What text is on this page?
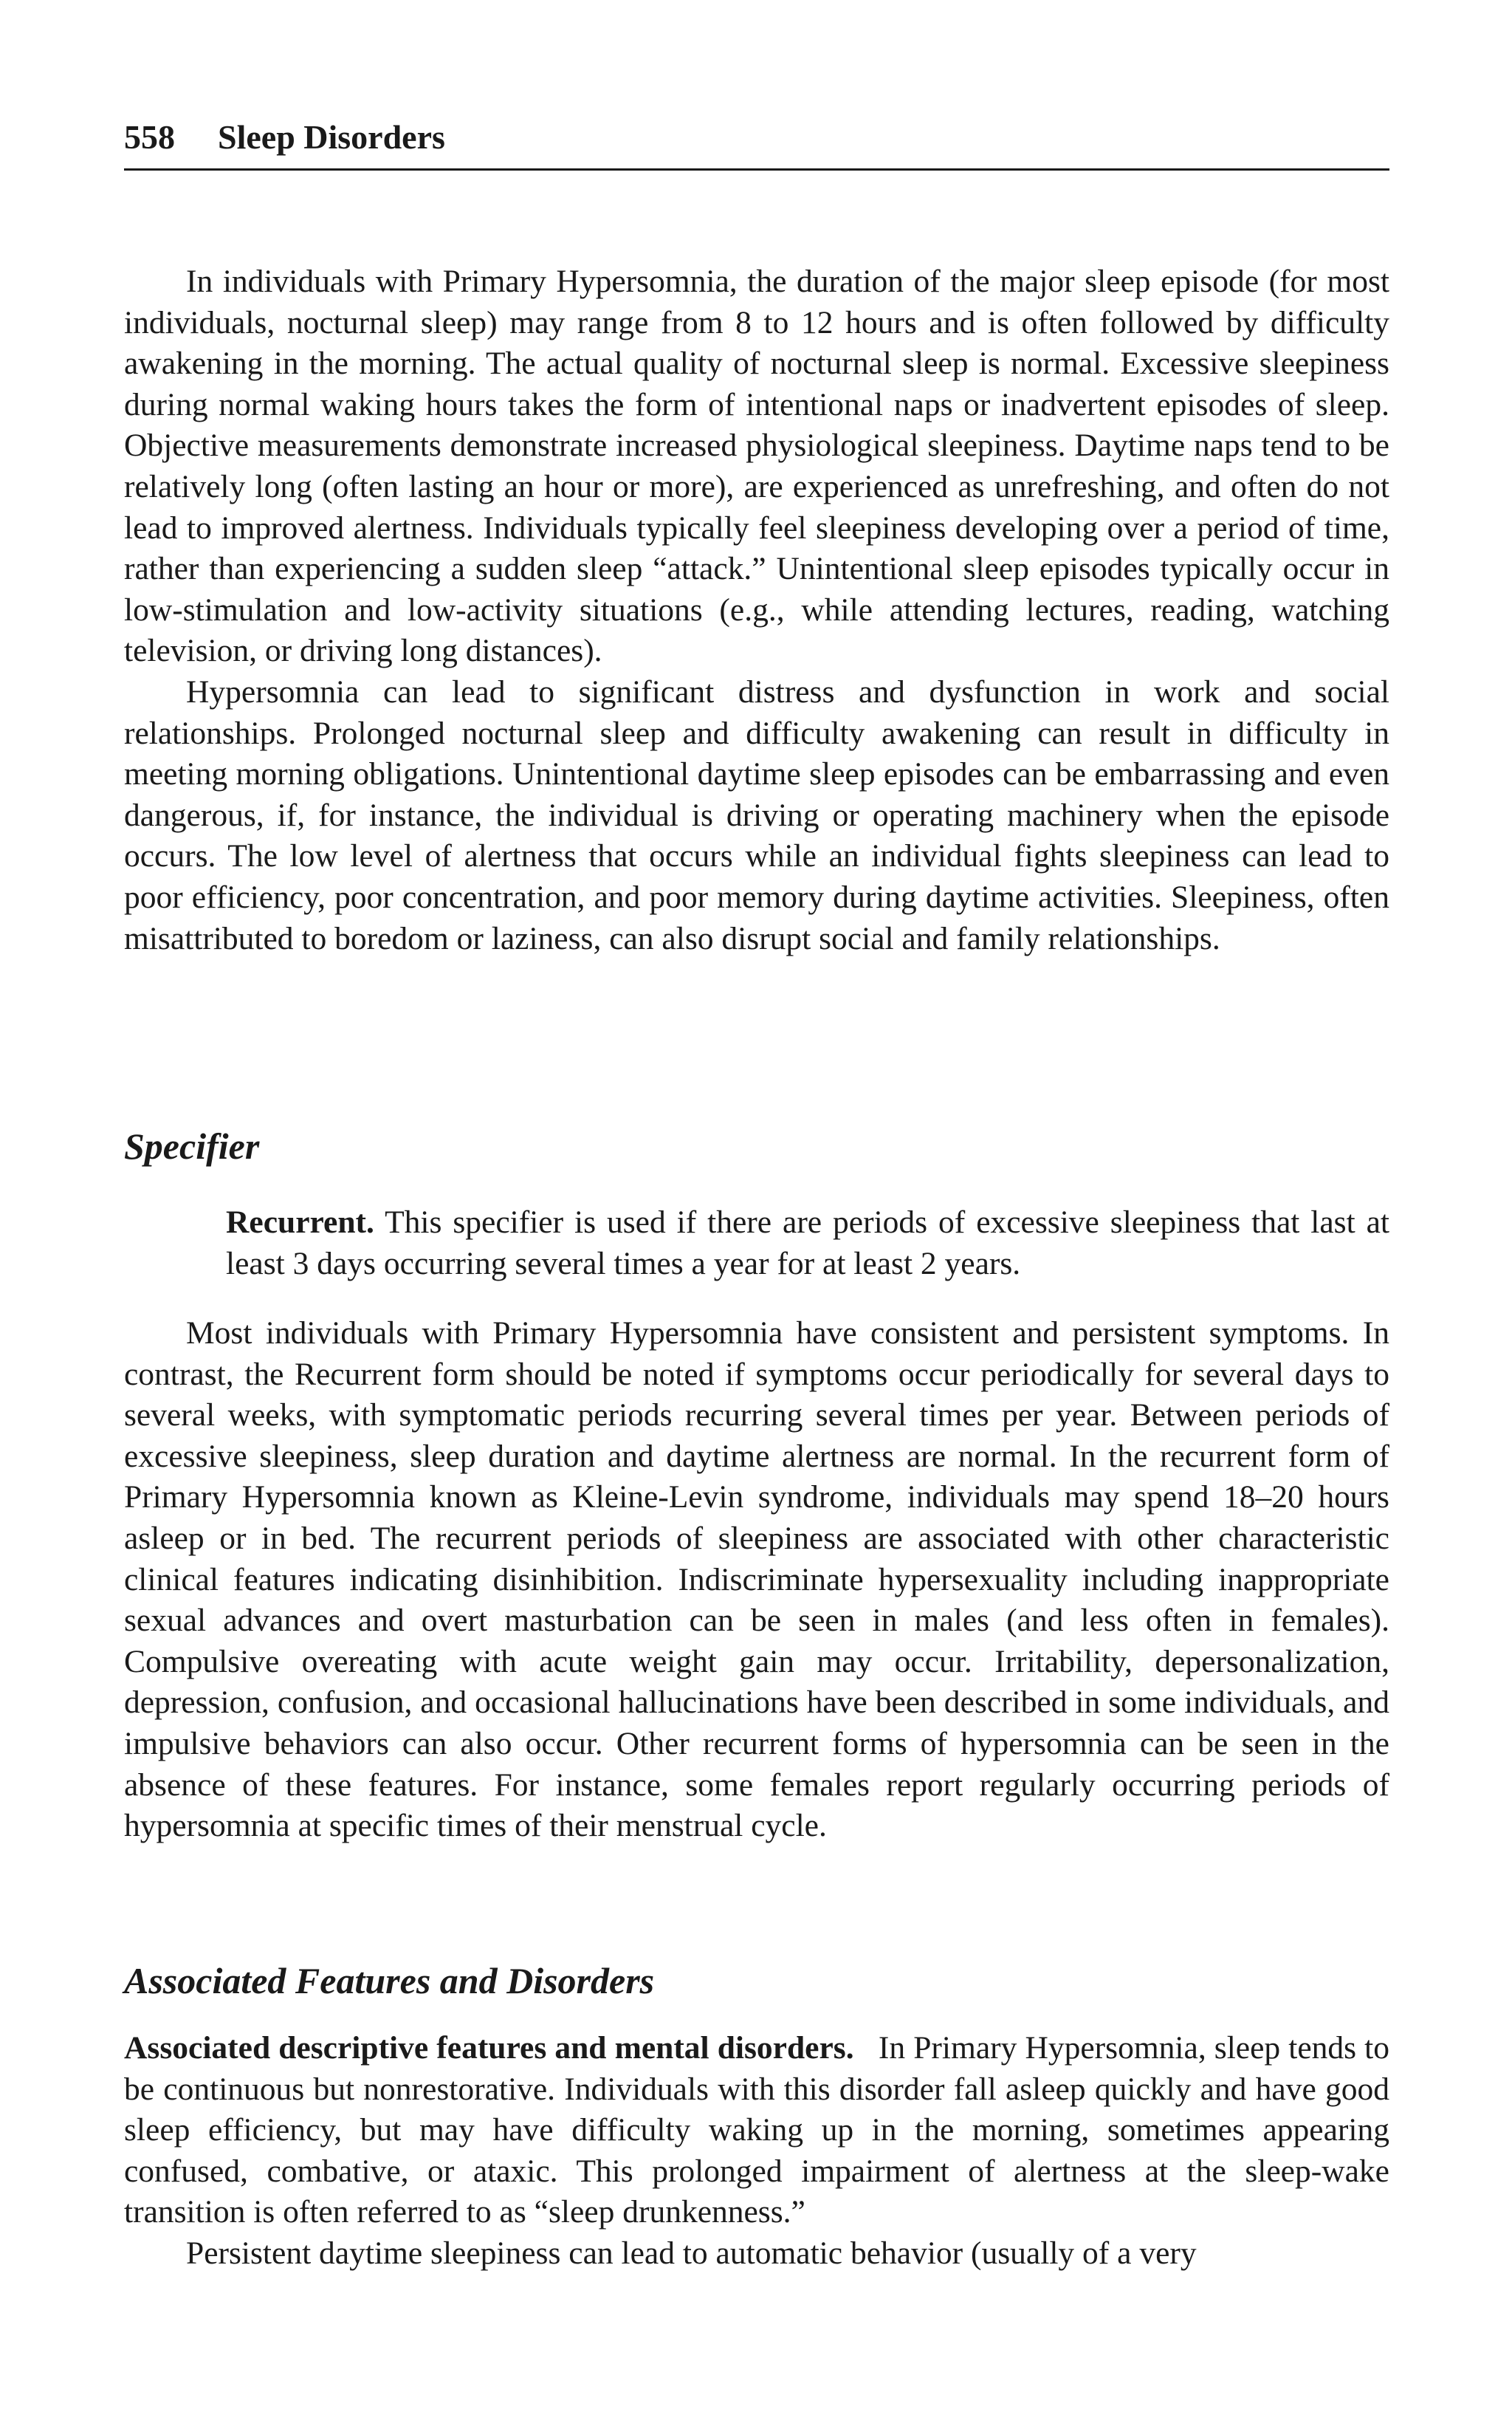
558 Sleep Disorders

In individuals with Primary Hypersomnia, the duration of the major sleep episode (for most individuals, nocturnal sleep) may range from 8 to 12 hours and is often followed by difficulty awakening in the morning. The actual quality of nocturnal sleep is normal. Excessive sleepiness during normal waking hours takes the form of intentional naps or inadvertent episodes of sleep. Objective measurements demonstrate increased physiological sleepiness. Daytime naps tend to be relatively long (often lasting an hour or more), are experienced as unrefreshing, and often do not lead to improved alertness. Individuals typically feel sleepiness developing over a period of time, rather than experiencing a sudden sleep “attack.” Unintentional sleep episodes typically occur in low-stimulation and low-activity situations (e.g., while attending lectures, reading, watching television, or driving long distances).

Hypersomnia can lead to significant distress and dysfunction in work and social relationships. Prolonged nocturnal sleep and difficulty awakening can result in difficulty in meeting morning obligations. Unintentional daytime sleep episodes can be embarrassing and even dangerous, if, for instance, the individual is driving or operating machinery when the episode occurs. The low level of alertness that occurs while an individual fights sleepiness can lead to poor efficiency, poor concentration, and poor memory during daytime activities. Sleepiness, often misattributed to boredom or laziness, can also disrupt social and family relationships.

Specifier

Recurrent. This specifier is used if there are periods of excessive sleepiness that last at least 3 days occurring several times a year for at least 2 years.

Most individuals with Primary Hypersomnia have consistent and persistent symptoms. In contrast, the Recurrent form should be noted if symptoms occur periodically for several days to several weeks, with symptomatic periods recurring several times per year. Between periods of excessive sleepiness, sleep duration and daytime alertness are normal. In the recurrent form of Primary Hypersomnia known as Kleine-Levin syndrome, individuals may spend 18–20 hours asleep or in bed. The recurrent periods of sleepiness are associated with other characteristic clinical features indicating disinhibition. Indiscriminate hypersexuality including inappropriate sexual advances and overt masturbation can be seen in males (and less often in females). Compulsive overeating with acute weight gain may occur. Irritability, depersonalization, depression, confusion, and occasional hallucinations have been described in some individuals, and impulsive behaviors can also occur. Other recurrent forms of hypersomnia can be seen in the absence of these features. For instance, some females report regularly occurring periods of hypersomnia at specific times of their menstrual cycle.

Associated Features and Disorders

Associated descriptive features and mental disorders. In Primary Hypersomnia, sleep tends to be continuous but nonrestorative. Individuals with this disorder fall asleep quickly and have good sleep efficiency, but may have difficulty waking up in the morning, sometimes appearing confused, combative, or ataxic. This prolonged impairment of alertness at the sleep-wake transition is often referred to as “sleep drunkenness.”

Persistent daytime sleepiness can lead to automatic behavior (usually of a very
